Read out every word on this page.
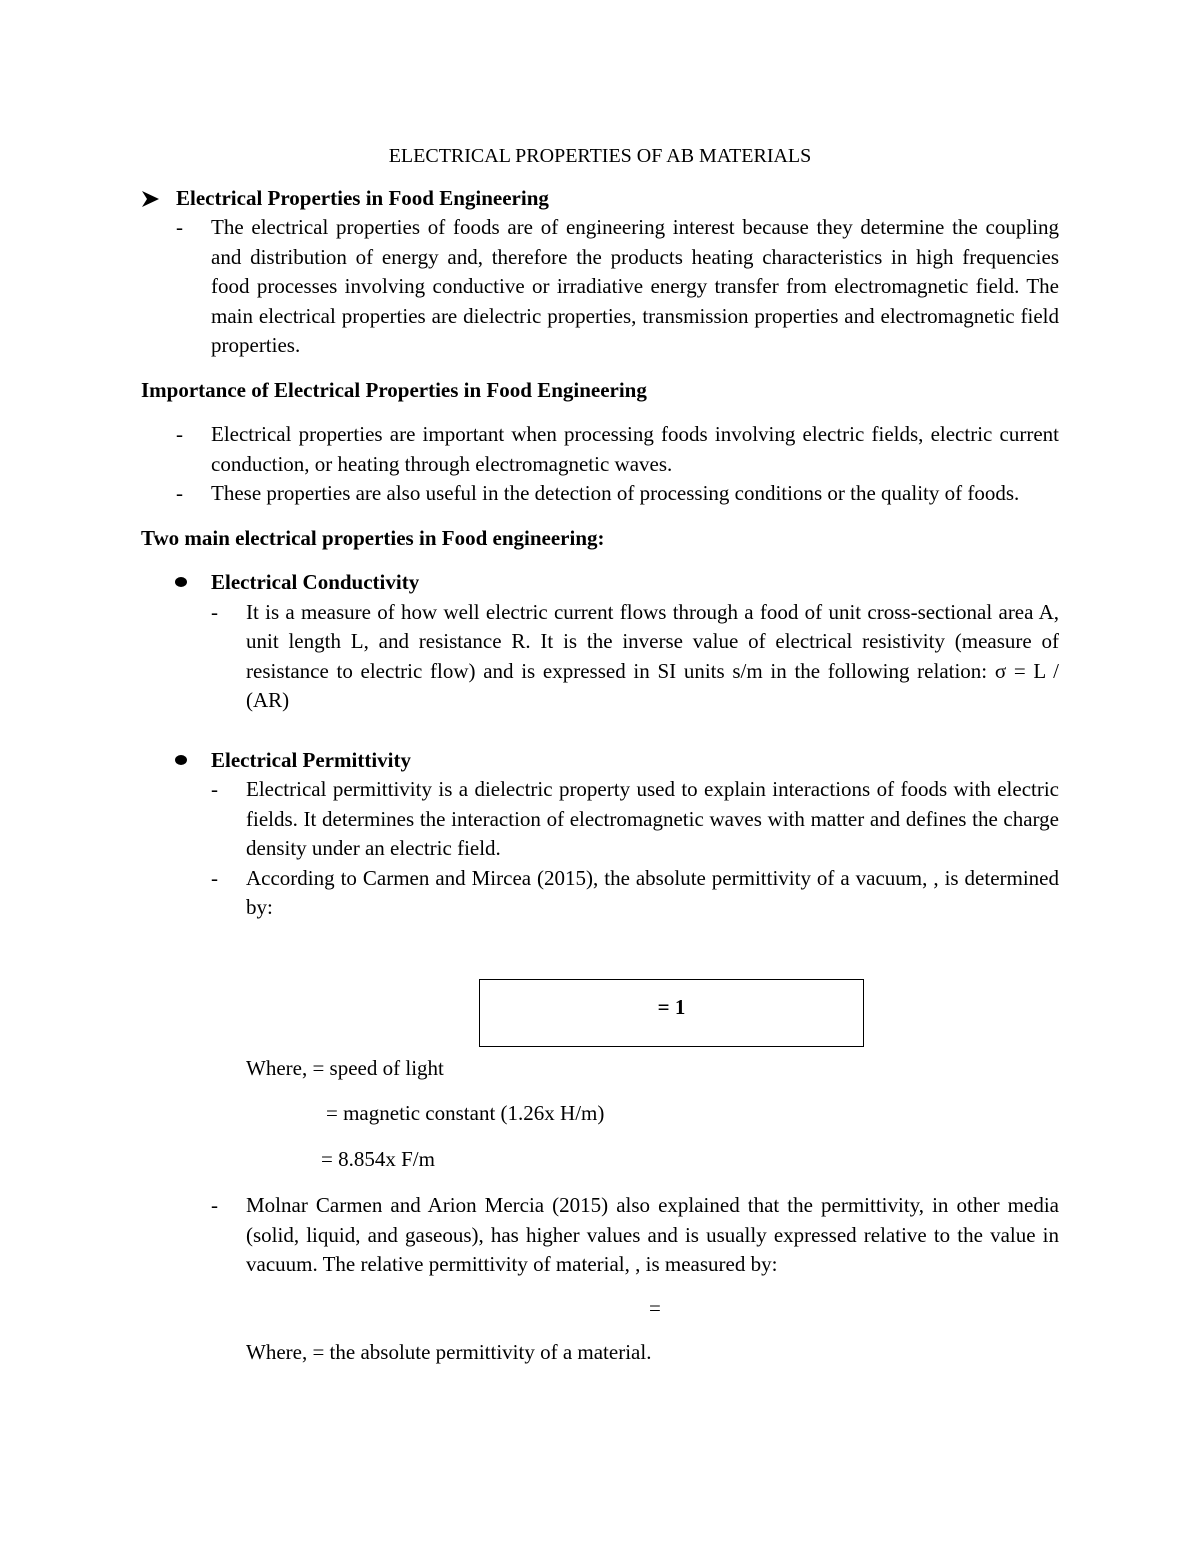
ELECTRICAL PROPERTIES OF AB MATERIALS
Electrical Properties in Food Engineering
- The electrical properties of foods are of engineering interest because they determine the coupling and distribution of energy and, therefore the products heating characteristics in high frequencies food processes involving conductive or irradiative energy transfer from electromagnetic field. The main electrical properties are dielectric properties, transmission properties and electromagnetic field properties.

Importance of Electrical Properties in Food Engineering

- Electrical properties are important when processing foods involving electric fields, electric current conduction, or heating through electromagnetic waves.
- These properties are also useful in the detection of processing conditions or the quality of foods.

Two main electrical properties in Food engineering:

Electrical Conductivity

- It is a measure of how well electric current flows through a food of unit cross-sectional area A, unit length L, and resistance R. It is the inverse value of electrical resistivity (measure of resistance to electric flow) and is expressed in SI units s/m in the following relation: σ = L / (AR)

Electrical Permittivity

- Electrical permittivity is a dielectric property used to explain interactions of foods with electric fields. It determines the interaction of electromagnetic waves with matter and defines the charge density under an electric field.
- According to Carmen and Mircea (2015), the absolute permittivity of a vacuum, , is determined by:
= 1
Where, = speed of light
= magnetic constant (1.26x H/m)
= 8.854x F/m
- Molnar Carmen and Arion Mercia (2015) also explained that the permittivity, in other media (solid, liquid, and gaseous), has higher values and is usually expressed relative to the value in vacuum. The relative permittivity of material, , is measured by:
=
Where, = the absolute permittivity of a material.
